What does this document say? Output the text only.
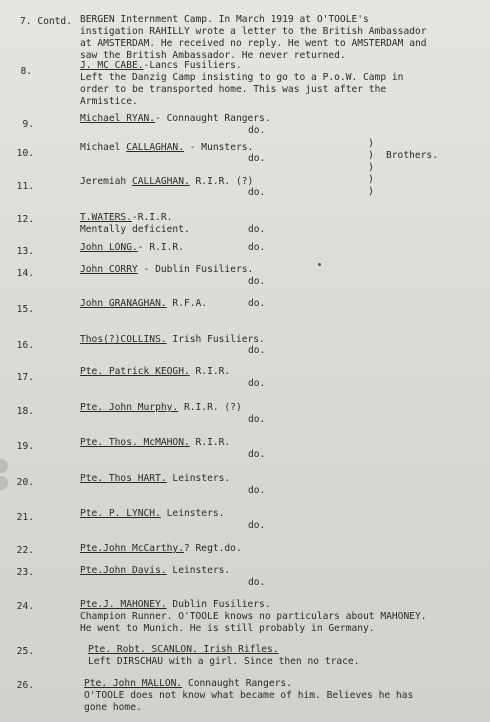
7. Contd. BERGEN Internment Camp. In March 1919 at O'TOOLE's
instigation RAHILLY wrote a letter to the British Ambassador
at AMSTERDAM. He received no reply. He went to AMSTERDAM and
saw the British Ambassador. He never returned.
8.
J. MC CABE.-Lancs Fusiliers.
Left the Danzig Camp insisting to go to a P.o.W. Camp in
order to be transported home. This was just after the
Armistice.
9.
Michael RYAN.- Connaught Rangers.
do.
10.
Michael CALLAGHAN. - Munsters.
do.
11.	Jeremiah CALLAGHAN. R.I.R. (?)
do.
)
)
)
)
)
Brothers.
12.	T.WATERS.-R.I.R.
Mentally deficient.	do.
13.	John LONG.- R.I.R.	do.
14.	John CORRY - Dublin Fusiliers.
do.
15.
John GRANAGHAN. R.F.A.	do.
16.
Thos(?)COLLINS. Irish Fusiliers.
do.
17.
Pte. Patrick KEOGH. R.I.R.
do.
18.	Pte. John Murphy. R.I.R. (?)
do.
19.	Pte. Thos. McMAHON. R.I.R.
do.
20.	Pte. Thos HART. Leinsters.
do.
21.	Pte. P. LYNCH. Leinsters.
do.
22.	Pte.John McCarthy.? Regt.do.
23.	Pte.John Davis. Leinsters.
do.
24.	Pte.J. MAHONEY. Dublin Fusiliers.
Champion Runner. O'TOOLE knows no particulars about MAHONEY.
He went to Munich. He is still probably in Germany.
25.	Pte. Robt. SCANLON. Irish Rifles.
Left DIRSCHAU with a girl. Since then no trace.
26.	Pte. John MALLON. Connaught Rangers.
O'TOOLE does not know what became of him. Believes he has
gone home.
